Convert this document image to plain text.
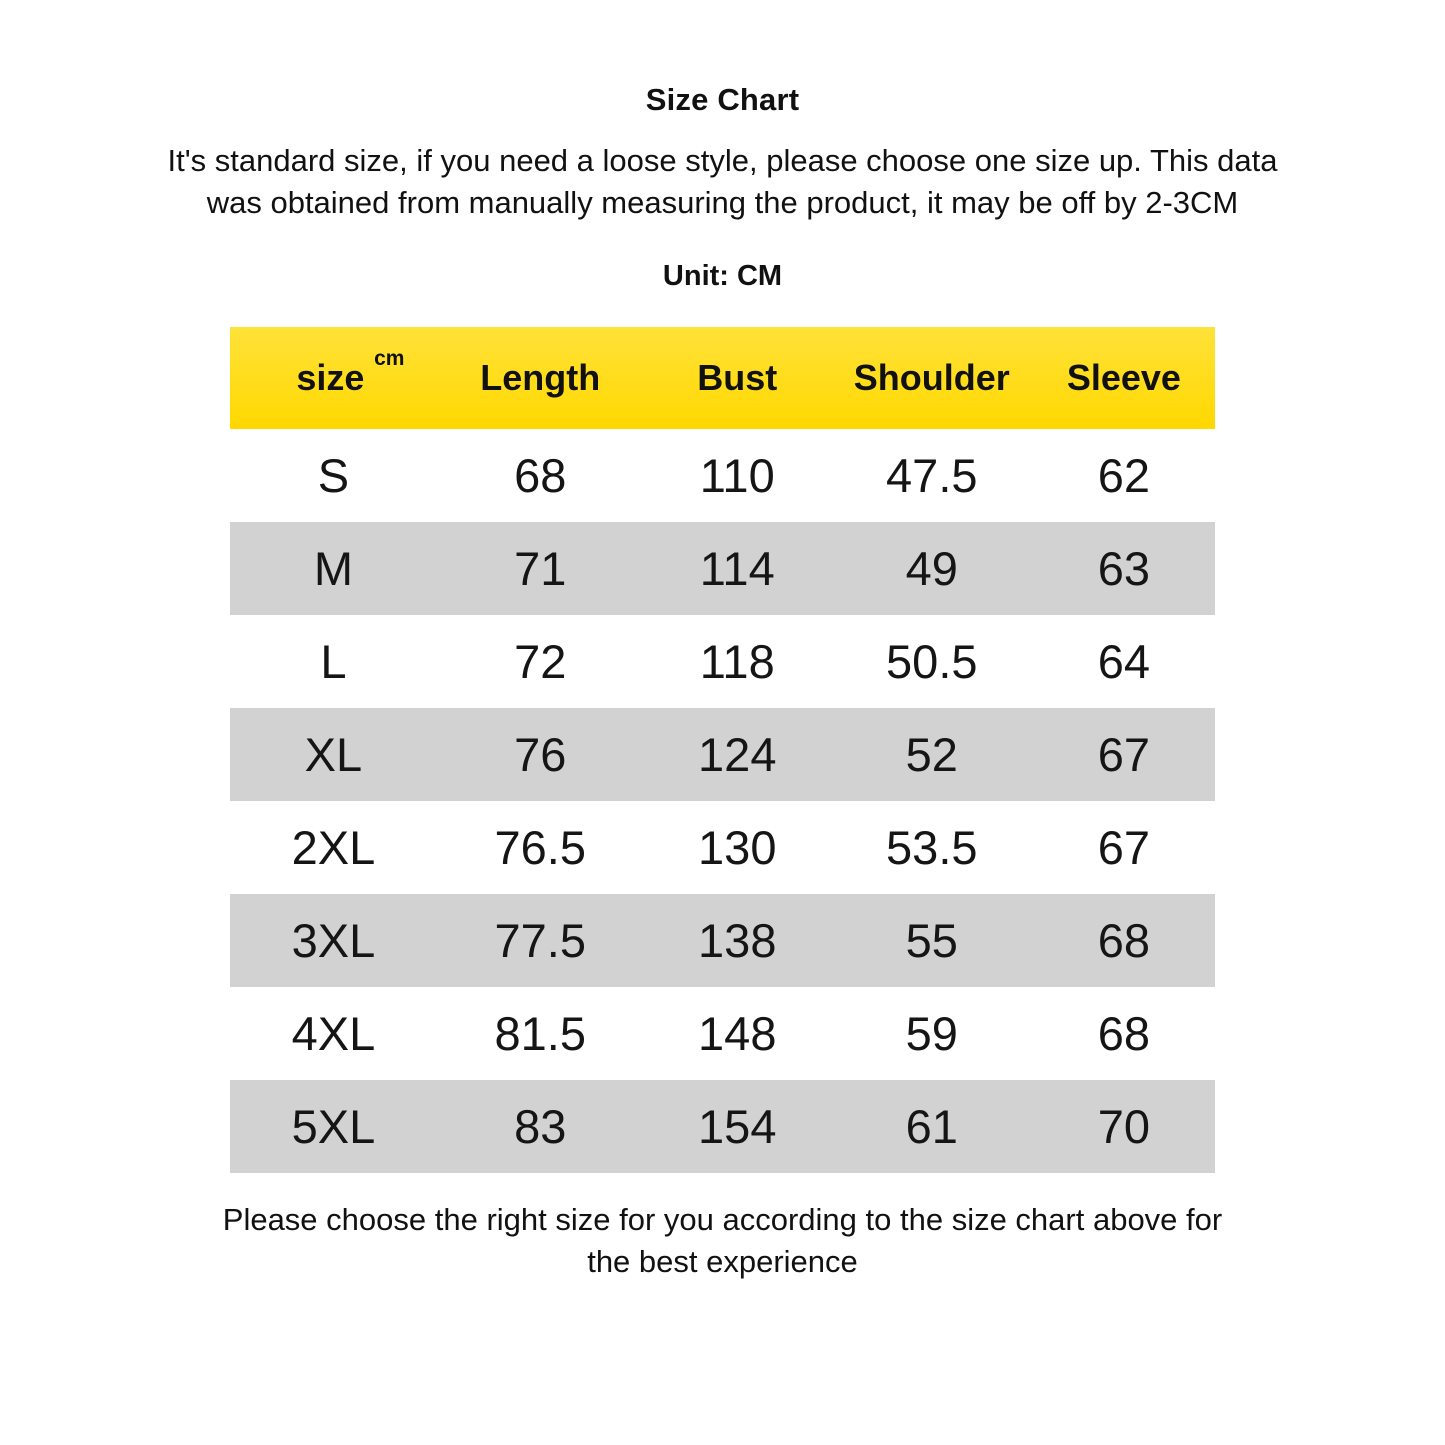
Size Chart
It's standard size, if you need a loose style, please choose one size up. This data was obtained from manually measuring the product, it may be off by 2-3CM
Unit: CM
size cm	Length	Bust	Shoulder	Sleeve
S	68	110	47.5	62
M	71	114	49	63
L	72	118	50.5	64
XL	76	124	52	67
2XL	76.5	130	53.5	67
3XL	77.5	138	55	68
4XL	81.5	148	59	68
5XL	83	154	61	70
Please choose the right size for you according to the size chart above for the best experience
